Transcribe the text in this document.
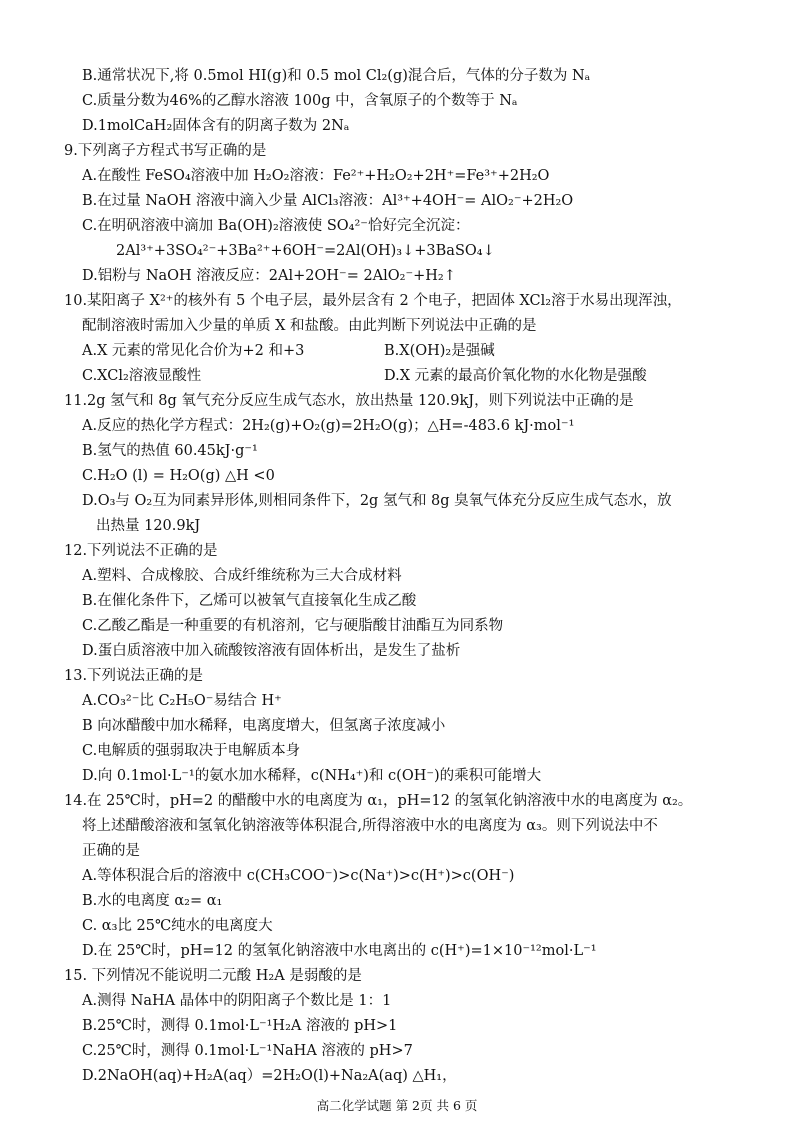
B.通常状况下,将 0.5mol HI(g)和 0.5 mol Cl₂(g)混合后，气体的分子数为 Nₐ
C.质量分数为46%的乙醇水溶液 100g 中，含氧原子的个数等于 Nₐ
D.1molCaH₂固体含有的阴离子数为 2Nₐ
9.下列离子方程式书写正确的是
A.在酸性 FeSO₄溶液中加 H₂O₂溶液：Fe²⁺+H₂O₂+2H⁺=Fe³⁺+2H₂O
B.在过量 NaOH 溶液中滴入少量 AlCl₃溶液：Al³⁺+4OH⁻= AlO₂⁻+2H₂O
C.在明矾溶液中滴加 Ba(OH)₂溶液使 SO₄²⁻恰好完全沉淀：
2Al³⁺+3SO₄²⁻+3Ba²⁺+6OH⁻=2Al(OH)₃↓+3BaSO₄↓
D.铝粉与 NaOH 溶液反应：2Al+2OH⁻= 2AlO₂⁻+H₂↑
10.某阳离子 X²⁺的核外有 5 个电子层，最外层含有 2 个电子，把固体 XCl₂溶于水易出现浑浊，
配制溶液时需加入少量的单质 X 和盐酸。由此判断下列说法中正确的是
A.X 元素的常见化合价为+2 和+3	B.X(OH)₂是强碱
C.XCl₂溶液显酸性	D.X 元素的最高价氧化物的水化物是强酸
11.2g 氢气和 8g 氧气充分反应生成气态水，放出热量 120.9kJ，则下列说法中正确的是
A.反应的热化学方程式：2H₂(g)+O₂(g)=2H₂O(g)；△H=-483.6 kJ·mol⁻¹
B.氢气的热值 60.45kJ·g⁻¹
C.H₂O (l) = H₂O(g) △H <0
D.O₃与 O₂互为同素异形体,则相同条件下，2g 氢气和 8g 臭氧气体充分反应生成气态水，放
出热量 120.9kJ
12.下列说法不正确的是
A.塑料、合成橡胶、合成纤维统称为三大合成材料
B.在催化条件下，乙烯可以被氧气直接氧化生成乙酸
C.乙酸乙酯是一种重要的有机溶剂，它与硬脂酸甘油酯互为同系物
D.蛋白质溶液中加入硫酸铵溶液有固体析出，是发生了盐析
13.下列说法正确的是
A.CO₃²⁻比 C₂H₅O⁻易结合 H⁺
B 向冰醋酸中加水稀释，电离度增大，但氢离子浓度减小
C.电解质的强弱取决于电解质本身
D.向 0.1mol·L⁻¹的氨水加水稀释，c(NH₄⁺)和 c(OH⁻)的乘积可能增大
14.在 25℃时，pH=2 的醋酸中水的电离度为 α₁，pH=12 的氢氧化钠溶液中水的电离度为 α₂。
将上述醋酸溶液和氢氧化钠溶液等体积混合,所得溶液中水的电离度为 α₃。则下列说法中不
正确的是
A.等体积混合后的溶液中 c(CH₃COO⁻)>c(Na⁺)>c(H⁺)>c(OH⁻)
B.水的电离度 α₂= α₁
C. α₃比 25℃纯水的电离度大
D.在 25℃时，pH=12 的氢氧化钠溶液中水电离出的 c(H⁺)=1×10⁻¹²mol·L⁻¹
15. 下列情况不能说明二元酸 H₂A 是弱酸的是
A.测得 NaHA 晶体中的阴阳离子个数比是 1：1
B.25℃时，测得 0.1mol·L⁻¹H₂A 溶液的 pH>1
C.25℃时，测得 0.1mol·L⁻¹NaHA 溶液的 pH>7
D.2NaOH(aq)+H₂A(aq）=2H₂O(l)+Na₂A(aq) △H₁，
高二化学试题 第 2页 共 6 页
